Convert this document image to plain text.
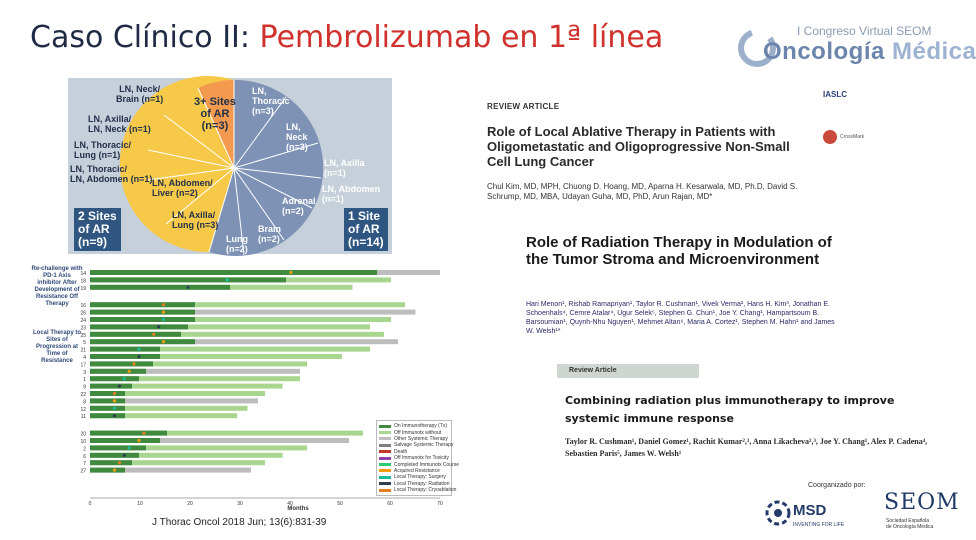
Caso Clínico II: Pembrolizumab en 1ª línea	I Congreso Virtual SEOM
Oncología Médica
LN, Neck/
Brain (n=1)
LN, Axilla/
LN, Neck (n=1)
LN, Thoracic/
Lung (n=1)
LN, Thoracic/
LN, Abdomen (n=1) LN, Abdomen/
Liver (n=2)
LN, Axilla/
Lung (n=3)
3+ Sites
of AR
(n=3)
LN,
Thoracic
(n=3)
LN,
Neck
(n=3)
LN, Axilla
(n=1)
LN, Abdomen
(n=1)
Adrenal
(n=2)
Brain
(n=2)
Lung
(n=2)
2 Sites
of AR
(n=9)
1 Site
of AR
(n=14)
14
18
19
16
26
24
23
25
5
21
4
17
3
1
9
22
8
12
11
20
10
2
6
7
27
0	10	20	30	40	50	60	70
Months
Re-challenge with
PD-1 Axis
inhibitor After
Development of
Resistance Off
Therapy
Local Therapy to
Sites of
Progression at
Time of
Resistance
On Immunotherapy (Tx)
Off Immunotx without
Other Systemic Therapy
Salvage Systemic Therapy
Death
Off Immunotx for Toxicity
Completed Immunotx Course
Acquired Resistance
Local Therapy: Surgery
Local Therapy: Radiation
Local Therapy: Cryoablation
J Thorac Oncol 2018 Jun; 13(6):831-39
REVIEW ARTICLE
Role of Local Ablative Therapy in Patients with Oligometastatic and Oligoprogressive Non-Small Cell Lung Cancer
Chul Kim, MD, MPH, Chuong D. Hoang, MD, Aparna H. Kesarwala, MD, Ph.D, David S. Schrump, MD, MBA, Udayan Guha, MD, PhD, Arun Rajan, MD*
IASLC
CrossMark
Role of Radiation Therapy in Modulation of the Tumor Stroma and Microenvironment
Hari Menon¹, Rishab Ramapriyan¹, Taylor R. Cushman¹, Vivek Verma², Hans H. Kim³, Jonathan E. Schoenhals⁴, Cemre Atalar⁴, Ugur Selek⁵, Stephen G. Chun¹, Joe Y. Chang¹, Hampartsoum B. Barsoumian¹, Quynh-Nhu Nguyen¹, Mehmet Altan⁶, Maria A. Cortez¹, Stephen M. Hahn¹ and James W. Welsh¹*
Review Article
Combining radiation plus immunotherapy to improve systemic immune response
Taylor R. Cushman¹, Daniel Gomez¹, Rachit Kumar²,³, Anna Likacheva²,³, Joe Y. Chang¹, Alex P. Cadena⁴, Sebastien Paris⁵, James W. Welsh¹
Coorganizado por:
MSD
INVENTING FOR LIFE
SEOM
Sociedad Española
de Oncología Médica
